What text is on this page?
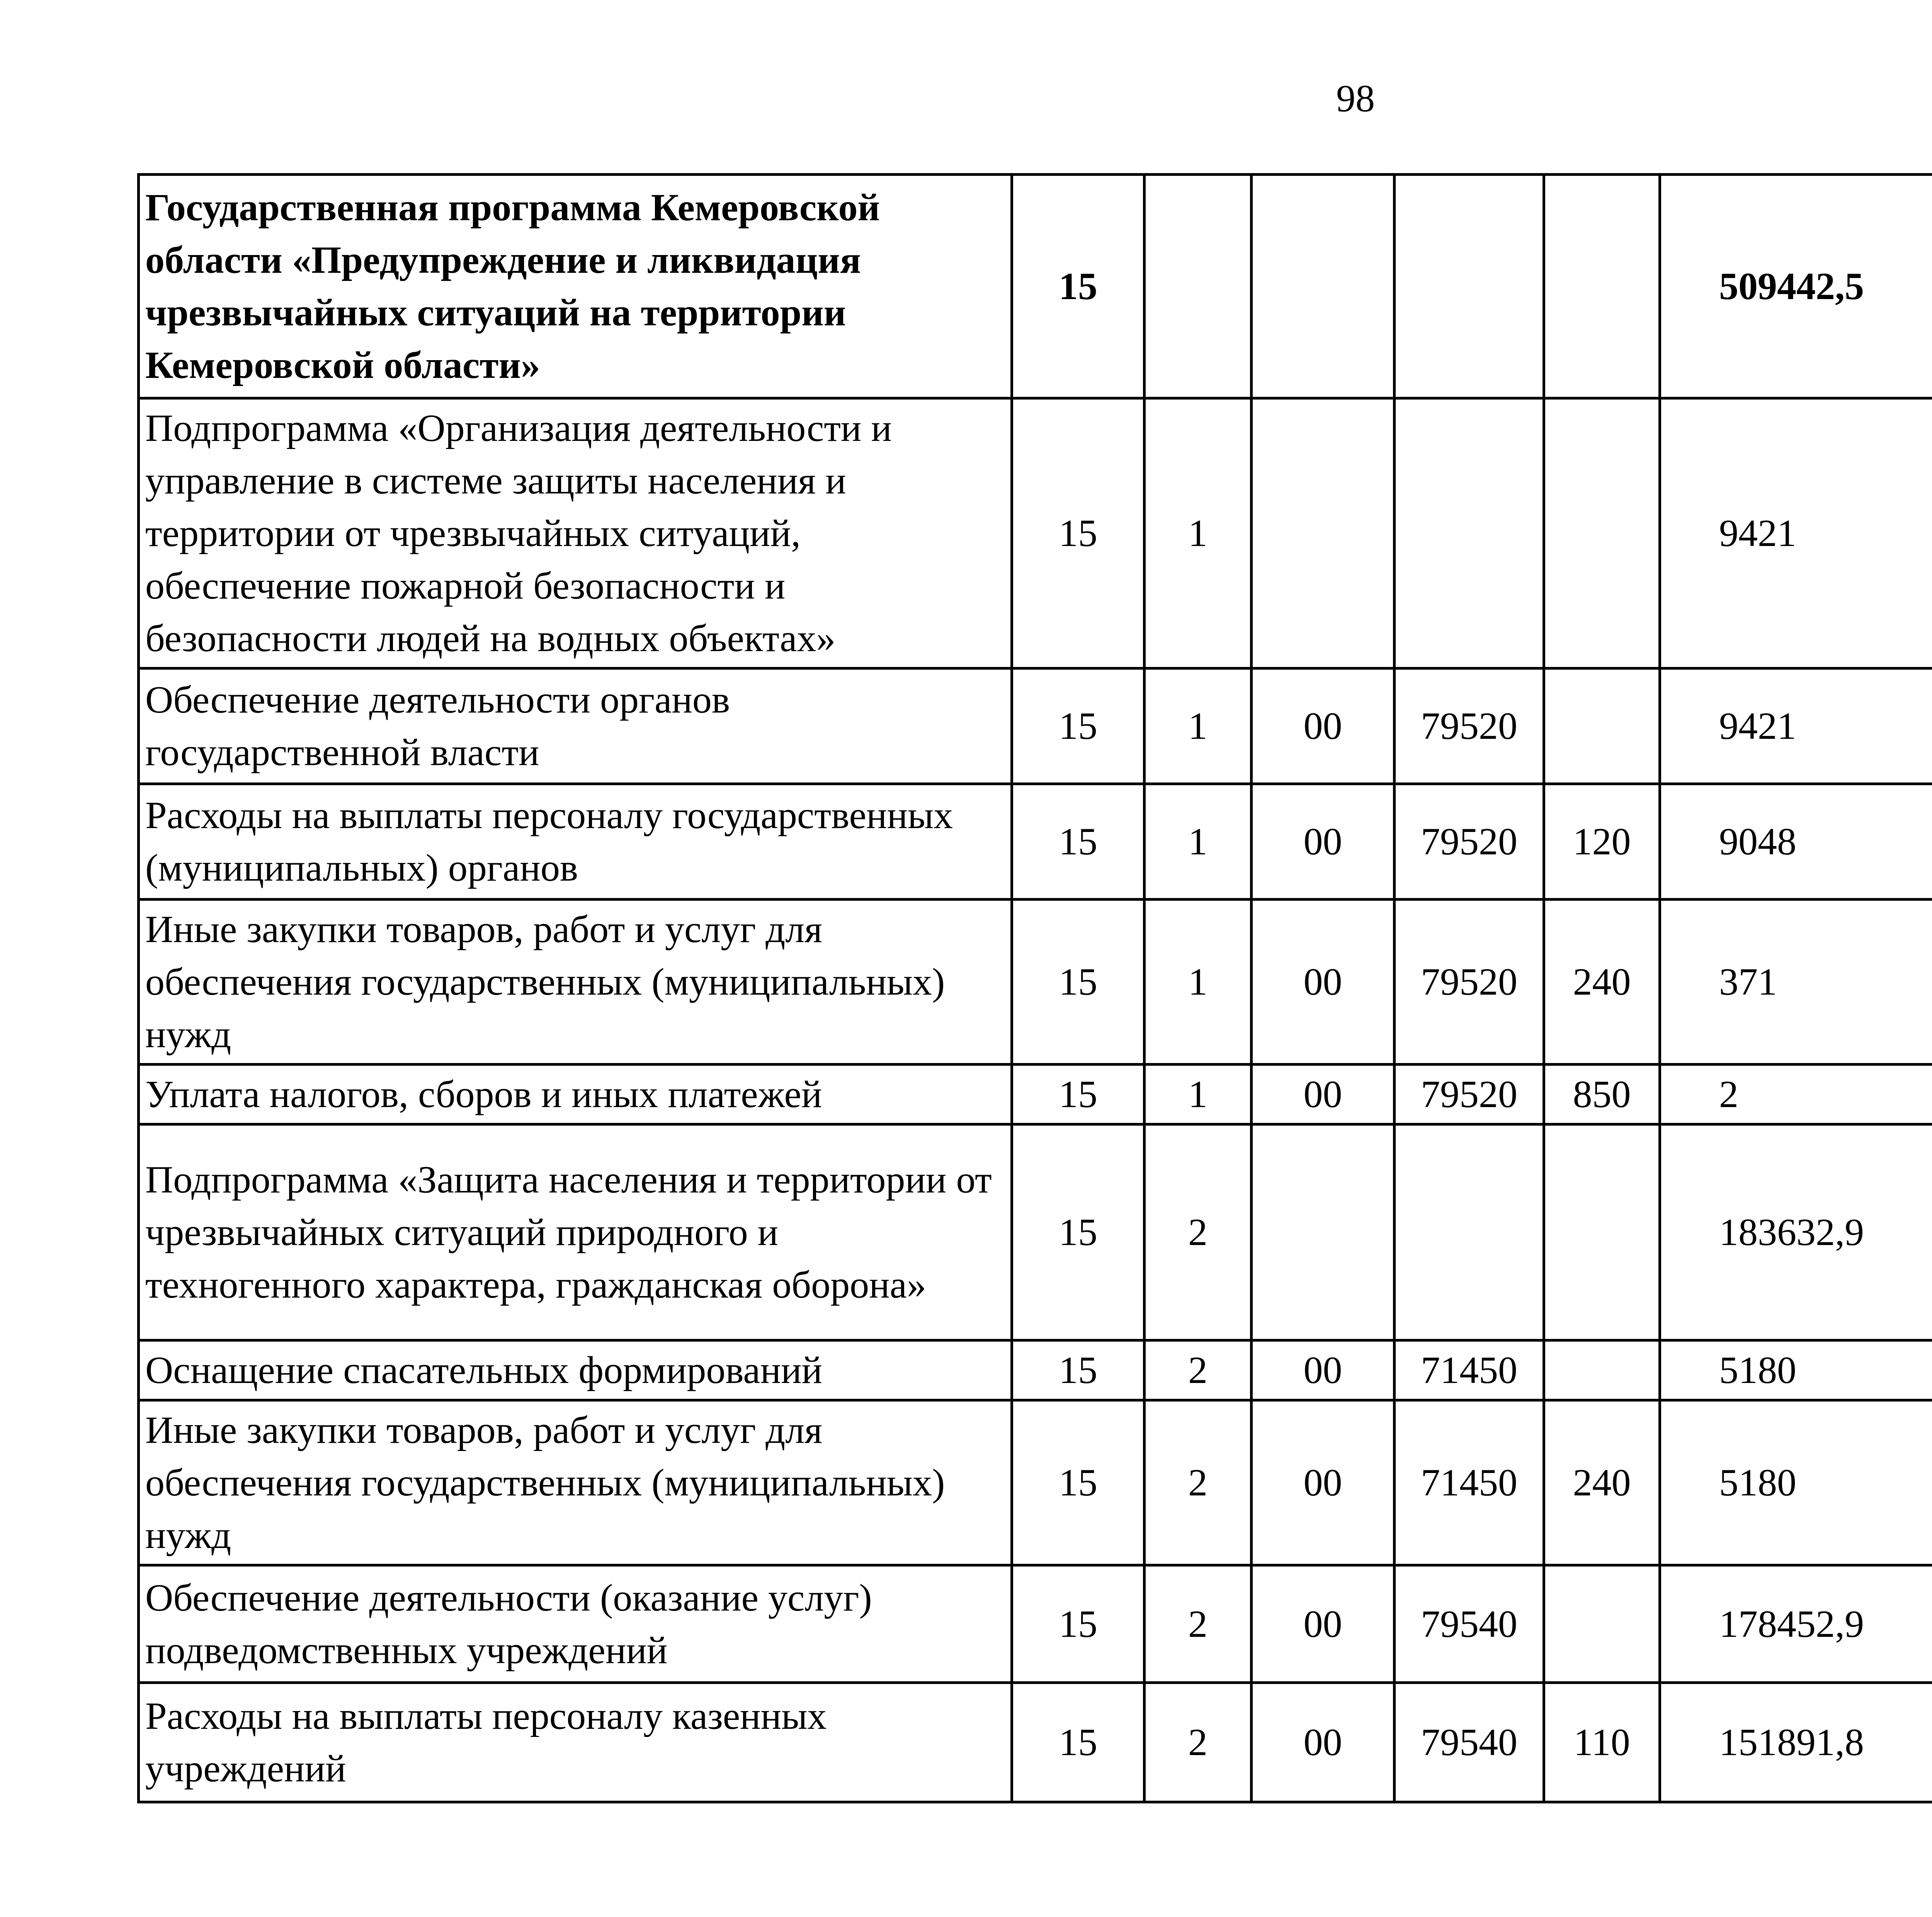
98
Государственная программа Кемеровской области «Предупреждение и ликвидация чрезвычайных ситуаций на территории Кемеровской области»	15					509442,5		
Подпрограмма «Организация деятельности и управление в системе защиты населения и территории от чрезвычайных ситуаций, обеспечение пожарной безопасности и безопасности людей на водных объектах»	15	1				9421		
Обеспечение деятельности органов государственной власти	15	1	00	79520		9421		
Расходы на выплаты персоналу государственных (муниципальных) органов	15	1	00	79520	120	9048		
Иные закупки товаров, работ и услуг для обеспечения государственных (муниципальных) нужд	15	1	00	79520	240	371		
Уплата налогов, сборов и иных платежей	15	1	00	79520	850	2		
Подпрограмма «Защита населения и территории от чрезвычайных ситуаций природного и техногенного характера, гражданская оборона»	15	2				183632,9		
Оснащение спасательных формирований	15	2	00	71450		5180		
Иные закупки товаров, работ и услуг для обеспечения государственных (муниципальных) нужд	15	2	00	71450	240	5180		
Обеспечение деятельности (оказание услуг) подведомственных учреждений	15	2	00	79540		178452,9		
Расходы на выплаты персоналу казенных учреждений	15	2	00	79540	110	151891,8		
